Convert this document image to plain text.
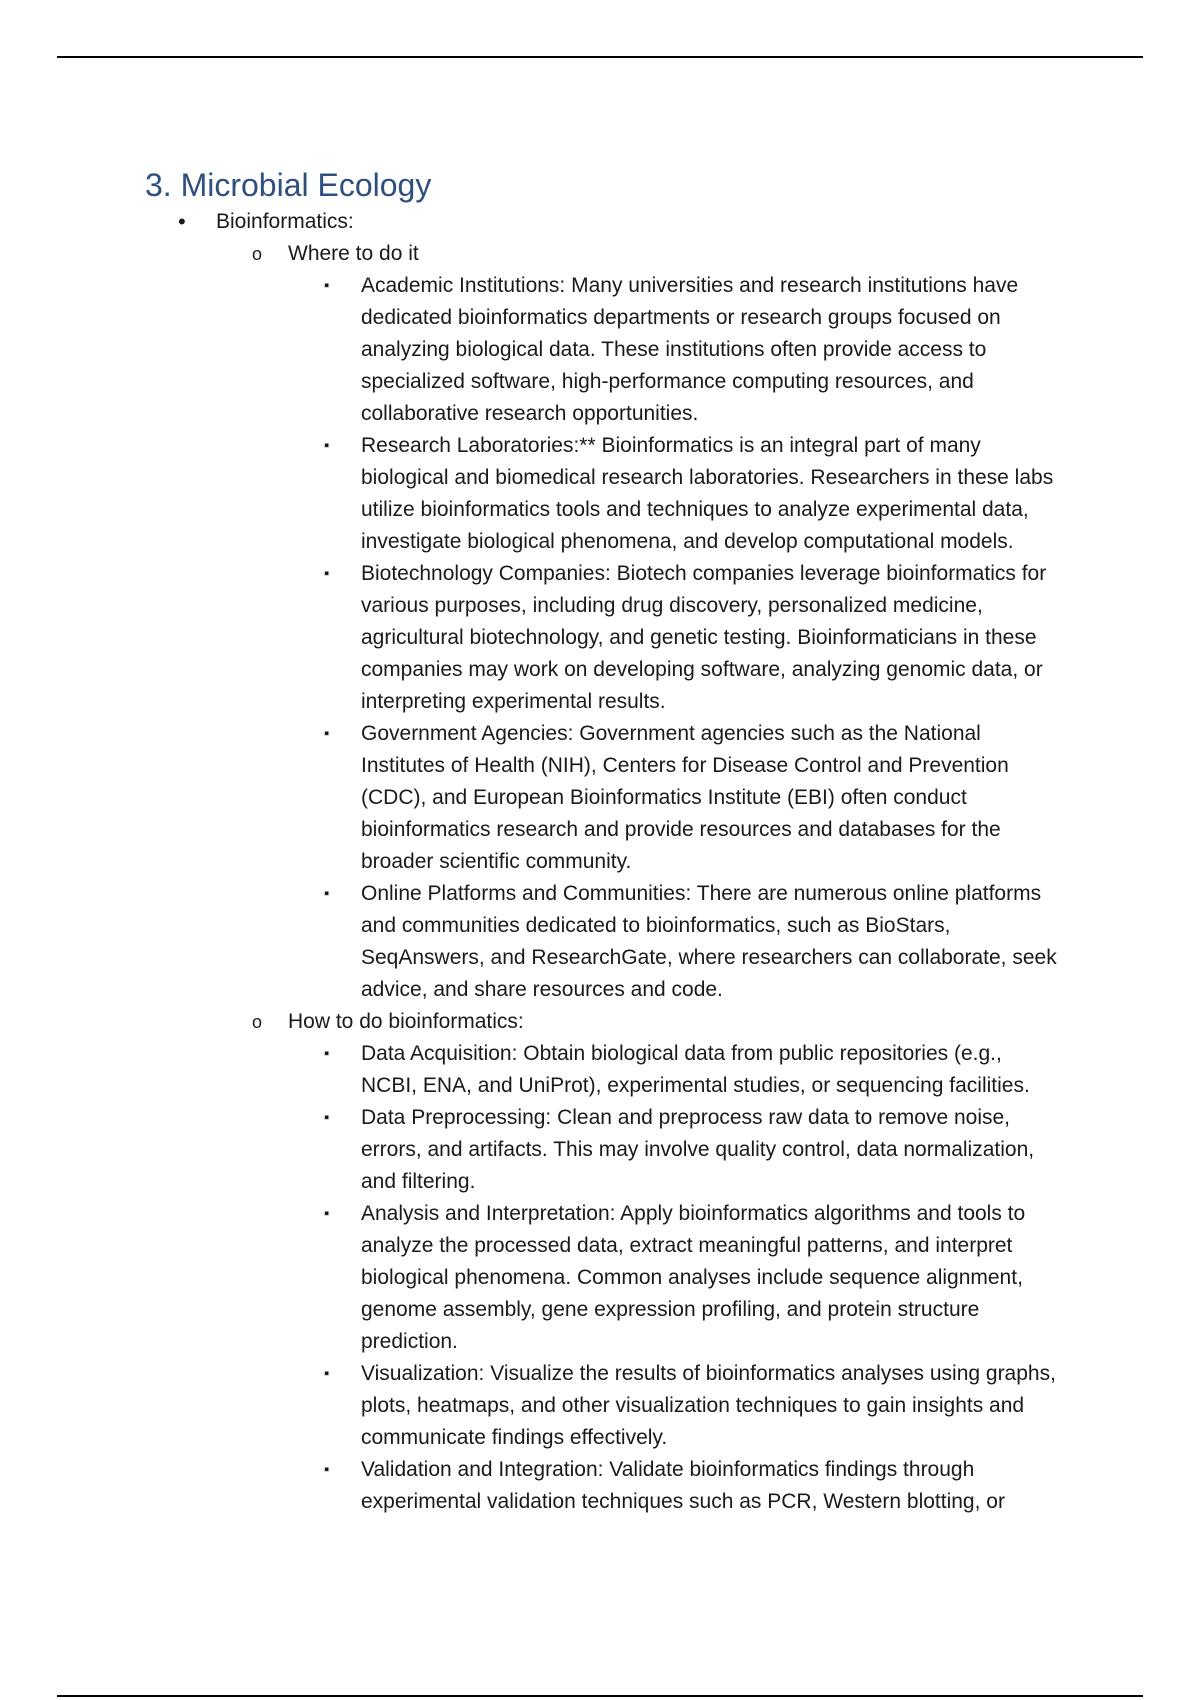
3. Microbial Ecology
• Bioinformatics:
o Where to do it
▪ Academic Institutions: Many universities and research institutions have dedicated bioinformatics departments or research groups focused on analyzing biological data. These institutions often provide access to specialized software, high-performance computing resources, and collaborative research opportunities.
▪ Research Laboratories:** Bioinformatics is an integral part of many biological and biomedical research laboratories. Researchers in these labs utilize bioinformatics tools and techniques to analyze experimental data, investigate biological phenomena, and develop computational models.
▪ Biotechnology Companies: Biotech companies leverage bioinformatics for various purposes, including drug discovery, personalized medicine, agricultural biotechnology, and genetic testing. Bioinformaticians in these companies may work on developing software, analyzing genomic data, or interpreting experimental results.
▪ Government Agencies: Government agencies such as the National Institutes of Health (NIH), Centers for Disease Control and Prevention (CDC), and European Bioinformatics Institute (EBI) often conduct bioinformatics research and provide resources and databases for the broader scientific community.
▪ Online Platforms and Communities: There are numerous online platforms and communities dedicated to bioinformatics, such as BioStars, SeqAnswers, and ResearchGate, where researchers can collaborate, seek advice, and share resources and code.
o How to do bioinformatics:
▪ Data Acquisition: Obtain biological data from public repositories (e.g., NCBI, ENA, and UniProt), experimental studies, or sequencing facilities.
▪ Data Preprocessing: Clean and preprocess raw data to remove noise, errors, and artifacts. This may involve quality control, data normalization, and filtering.
▪ Analysis and Interpretation: Apply bioinformatics algorithms and tools to analyze the processed data, extract meaningful patterns, and interpret biological phenomena. Common analyses include sequence alignment, genome assembly, gene expression profiling, and protein structure prediction.
▪ Visualization: Visualize the results of bioinformatics analyses using graphs, plots, heatmaps, and other visualization techniques to gain insights and communicate findings effectively.
▪ Validation and Integration: Validate bioinformatics findings through experimental validation techniques such as PCR, Western blotting, or
